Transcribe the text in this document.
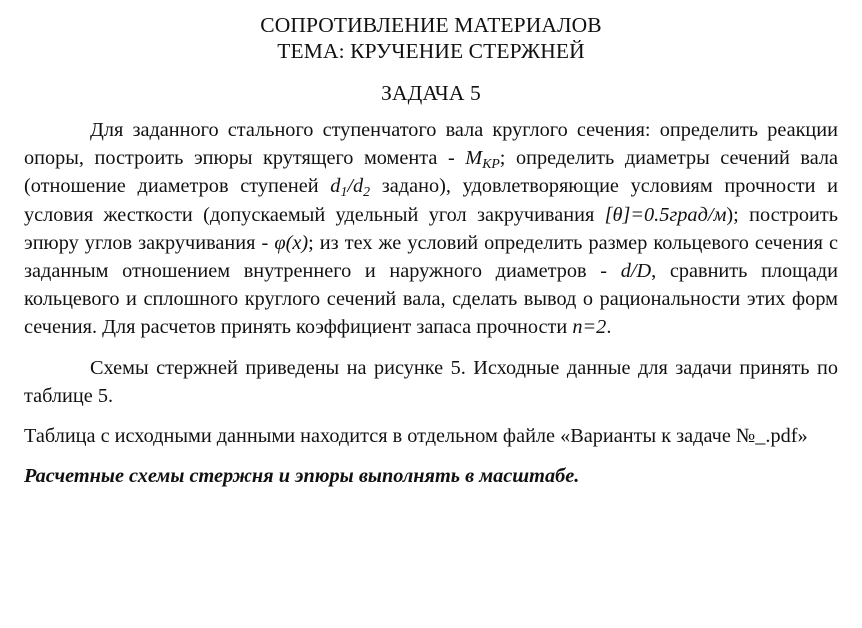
СОПРОТИВЛЕНИЕ МАТЕРИАЛОВ
ТЕМА: КРУЧЕНИЕ СТЕРЖНЕЙ
ЗАДАЧА 5

Для заданного стального ступенчатого вала круглого сечения: определить реакции опоры, построить эпюры крутящего момента - $M_{КР}$; определить диаметры сечений вала (отношение диаметров ступеней $d_1/d_2$ задано), удовлетворяющие условиям прочности и условия жесткости (допускаемый удельный угол закручивания [θ]=0.5град/м); построить эпюру углов закручивания - φ(x); из тех же условий определить размер кольцевого сечения с заданным отношением внутреннего и наружного диаметров - d/D, сравнить площади кольцевого и сплошного круглого сечений вала, сделать вывод о рациональности этих форм сечения. Для расчетов принять коэффициент запаса прочности n=2.

Схемы стержней приведены на рисунке 5. Исходные данные для задачи принять по таблице 5.

Таблица с исходными данными находится в отдельном файле «Варианты к задаче №_.pdf»

Расчетные схемы стержня и эпюры выполнять в масштабе.
